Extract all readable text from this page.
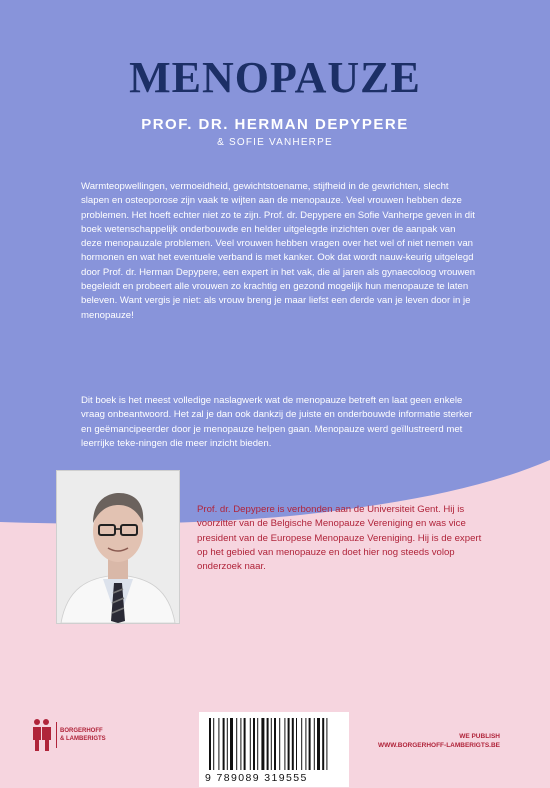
MENOPAUZE
PROF. DR. HERMAN DEPYPERE
& SOFIE VANHERPE

Warmteopwellingen, vermoeidheid, gewichtstoename, stijfheid in de gewrichten, slecht slapen en osteoporose zijn vaak te wijten aan de menopauze. Veel vrouwen hebben deze problemen. Het hoeft echter niet zo te zijn. Prof. dr. Depypere en Sofie Vanherpe geven in dit boek wetenschappelijk onderbouwde en helder uitgelegde inzichten over de aanpak van deze menopauzale problemen. Veel vrouwen hebben vragen over het wel of niet nemen van hormonen en wat het eventuele verband is met kanker. Ook dat wordt nauw-keurig uitgelegd door Prof. dr. Herman Depypere, een expert in het vak, die al jaren als gynaecoloog vrouwen begeleidt en probeert alle vrouwen zo krachtig en gezond mogelijk hun menopauze te laten beleven. Want vergis je niet: als vrouw breng je maar liefst een derde van je leven door in je menopauze!

Dit boek is het meest volledige naslagwerk wat de menopauze betreft en laat geen enkele vraag onbeantwoord. Het zal je dan ook dankzij de juiste en onderbouwde informatie sterker en geëmancipeerder door je menopauze helpen gaan. Menopauze werd geïllustreerd met leerrijke teke-ningen die meer inzicht bieden.

Prof. dr. Depypere is verbonden aan de Universiteit Gent. Hij is voorzitter van de Belgische Menopauze Vereniging en was vice president van de Europese Menopauze Vereniging. Hij is de expert op het gebied van menopauze en doet hier nog steeds volop onderzoek naar.

BORGERHOFF
& LAMBERIGTS
9 789089 319555
WE PUBLISH
WWW.BORGERHOFF-LAMBERIGTS.BE
